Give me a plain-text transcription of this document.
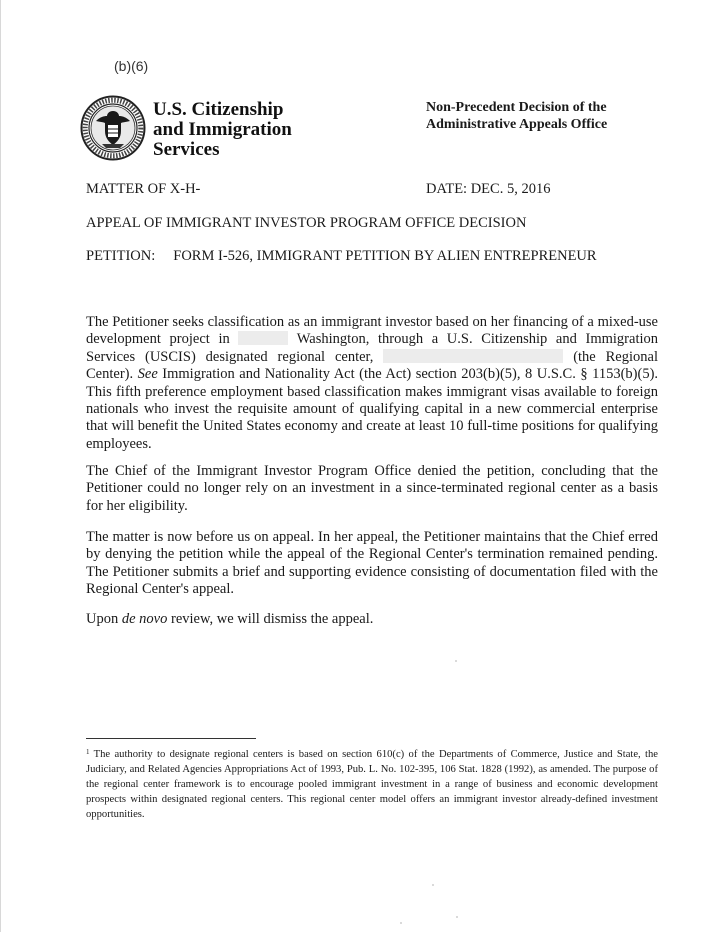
(b)(6)
U.S. Citizenship
and Immigration
Services
Non-Precedent Decision of the
Administrative Appeals Office
MATTER OF X-H-	DATE: DEC. 5, 2016
APPEAL OF IMMIGRANT INVESTOR PROGRAM OFFICE DECISION
PETITION: FORM I-526, IMMIGRANT PETITION BY ALIEN ENTREPRENEUR
The Petitioner seeks classification as an immigrant investor based on her financing of a mixed-use development project in	Washington, through a U.S. Citizenship and Immigration Services (USCIS) designated regional center,	(the Regional Center). See Immigration and Nationality Act (the Act) section 203(b)(5), 8 U.S.C. § 1153(b)(5). This fifth preference employment based classification makes immigrant visas available to foreign nationals who invest the requisite amount of qualifying capital in a new commercial enterprise that will benefit the United States economy and create at least 10 full-time positions for qualifying employees.
The Chief of the Immigrant Investor Program Office denied the petition, concluding that the Petitioner could no longer rely on an investment in a since-terminated regional center as a basis for her eligibility.
The matter is now before us on appeal. In her appeal, the Petitioner maintains that the Chief erred by denying the petition while the appeal of the Regional Center's termination remained pending. The Petitioner submits a brief and supporting evidence consisting of documentation filed with the Regional Center's appeal.
Upon de novo review, we will dismiss the appeal.
$^1$ The authority to designate regional centers is based on section 610(c) of the Departments of Commerce, Justice and State, the Judiciary, and Related Agencies Appropriations Act of 1993, Pub. L. No. 102-395, 106 Stat. 1828 (1992), as amended. The purpose of the regional center framework is to encourage pooled immigrant investment in a range of business and economic development prospects within designated regional centers. This regional center model offers an immigrant investor already-defined investment opportunities.
